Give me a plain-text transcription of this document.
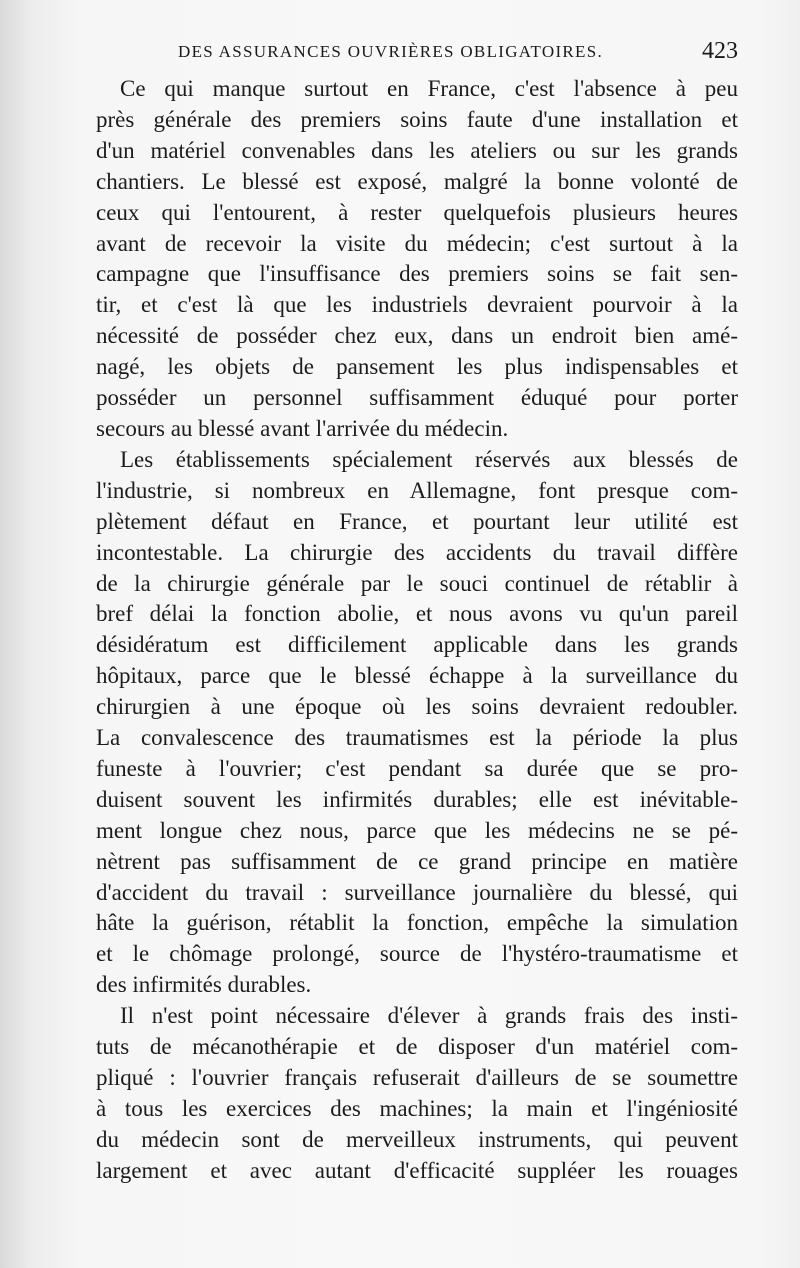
DES ASSURANCES OUVRIÈRES OBLIGATOIRES.	423
Ce qui manque surtout en France, c'est l'absence à peu
près générale des premiers soins faute d'une installation et
d'un matériel convenables dans les ateliers ou sur les grands
chantiers. Le blessé est exposé, malgré la bonne volonté de
ceux qui l'entourent, à rester quelquefois plusieurs heures
avant de recevoir la visite du médecin; c'est surtout à la
campagne que l'insuffisance des premiers soins se fait sen-
tir, et c'est là que les industriels devraient pourvoir à la
nécessité de posséder chez eux, dans un endroit bien amé-
nagé, les objets de pansement les plus indispensables et
posséder un personnel suffisamment éduqué pour porter
secours au blessé avant l'arrivée du médecin.
Les établissements spécialement réservés aux blessés de
l'industrie, si nombreux en Allemagne, font presque com-
plètement défaut en France, et pourtant leur utilité est
incontestable. La chirurgie des accidents du travail diffère
de la chirurgie générale par le souci continuel de rétablir à
bref délai la fonction abolie, et nous avons vu qu'un pareil
désidératum est difficilement applicable dans les grands
hôpitaux, parce que le blessé échappe à la surveillance du
chirurgien à une époque où les soins devraient redoubler.
La convalescence des traumatismes est la période la plus
funeste à l'ouvrier; c'est pendant sa durée que se pro-
duisent souvent les infirmités durables; elle est inévitable-
ment longue chez nous, parce que les médecins ne se pé-
nètrent pas suffisamment de ce grand principe en matière
d'accident du travail : surveillance journalière du blessé, qui
hâte la guérison, rétablit la fonction, empêche la simulation
et le chômage prolongé, source de l'hystéro-traumatisme et
des infirmités durables.
Il n'est point nécessaire d'élever à grands frais des insti-
tuts de mécanothérapie et de disposer d'un matériel com-
pliqué : l'ouvrier français refuserait d'ailleurs de se soumettre
à tous les exercices des machines; la main et l'ingéniosité
du médecin sont de merveilleux instruments, qui peuvent
largement et avec autant d'efficacité suppléer les rouages
